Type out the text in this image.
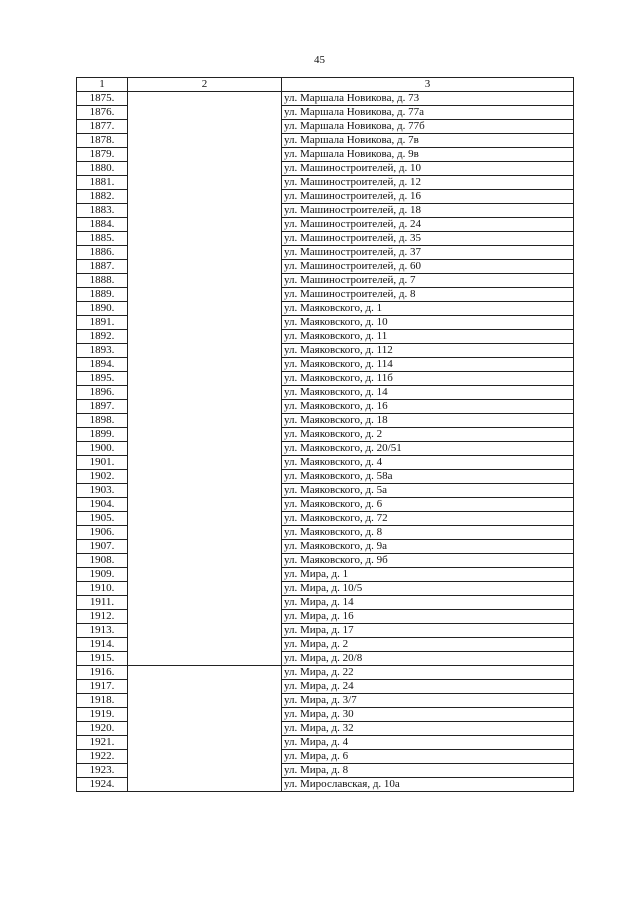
45
1	2	3
1875.		ул. Маршала Новикова, д. 73
1876.		ул. Маршала Новикова, д. 77а
1877.		ул. Маршала Новикова, д. 77б
1878.		ул. Маршала Новикова, д. 7в
1879.		ул. Маршала Новикова, д. 9в
1880.		ул. Машиностроителей, д. 10
1881.		ул. Машиностроителей, д. 12
1882.		ул. Машиностроителей, д. 16
1883.		ул. Машиностроителей, д. 18
1884.		ул. Машиностроителей, д. 24
1885.		ул. Машиностроителей, д. 35
1886.		ул. Машиностроителей, д. 37
1887.		ул. Машиностроителей, д. 60
1888.		ул. Машиностроителей, д. 7
1889.		ул. Машиностроителей, д. 8
1890.		ул. Маяковского, д. 1
1891.		ул. Маяковского, д. 10
1892.		ул. Маяковского, д. 11
1893.		ул. Маяковского, д. 112
1894.		ул. Маяковского, д. 114
1895.		ул. Маяковского, д. 11б
1896.		ул. Маяковского, д. 14
1897.		ул. Маяковского, д. 16
1898.		ул. Маяковского, д. 18
1899.		ул. Маяковского, д. 2
1900.		ул. Маяковского, д. 20/51
1901.		ул. Маяковского, д. 4
1902.		ул. Маяковского, д. 58а
1903.		ул. Маяковского, д. 5а
1904.		ул. Маяковского, д. 6
1905.		ул. Маяковского, д. 72
1906.		ул. Маяковского, д. 8
1907.		ул. Маяковского, д. 9а
1908.		ул. Маяковского, д. 9б
1909.		ул. Мира, д. 1
1910.		ул. Мира, д. 10/5
1911.		ул. Мира, д. 14
1912.		ул. Мира, д. 16
1913.		ул. Мира, д. 17
1914.		ул. Мира, д. 2
1915.		ул. Мира, д. 20/8
1916.		ул. Мира, д. 22
1917.		ул. Мира, д. 24
1918.		ул. Мира, д. 3/7
1919.		ул. Мира, д. 30
1920.		ул. Мира, д. 32
1921.		ул. Мира, д. 4
1922.		ул. Мира, д. 6
1923.		ул. Мира, д. 8
1924.		ул. Мирославская, д. 10а
